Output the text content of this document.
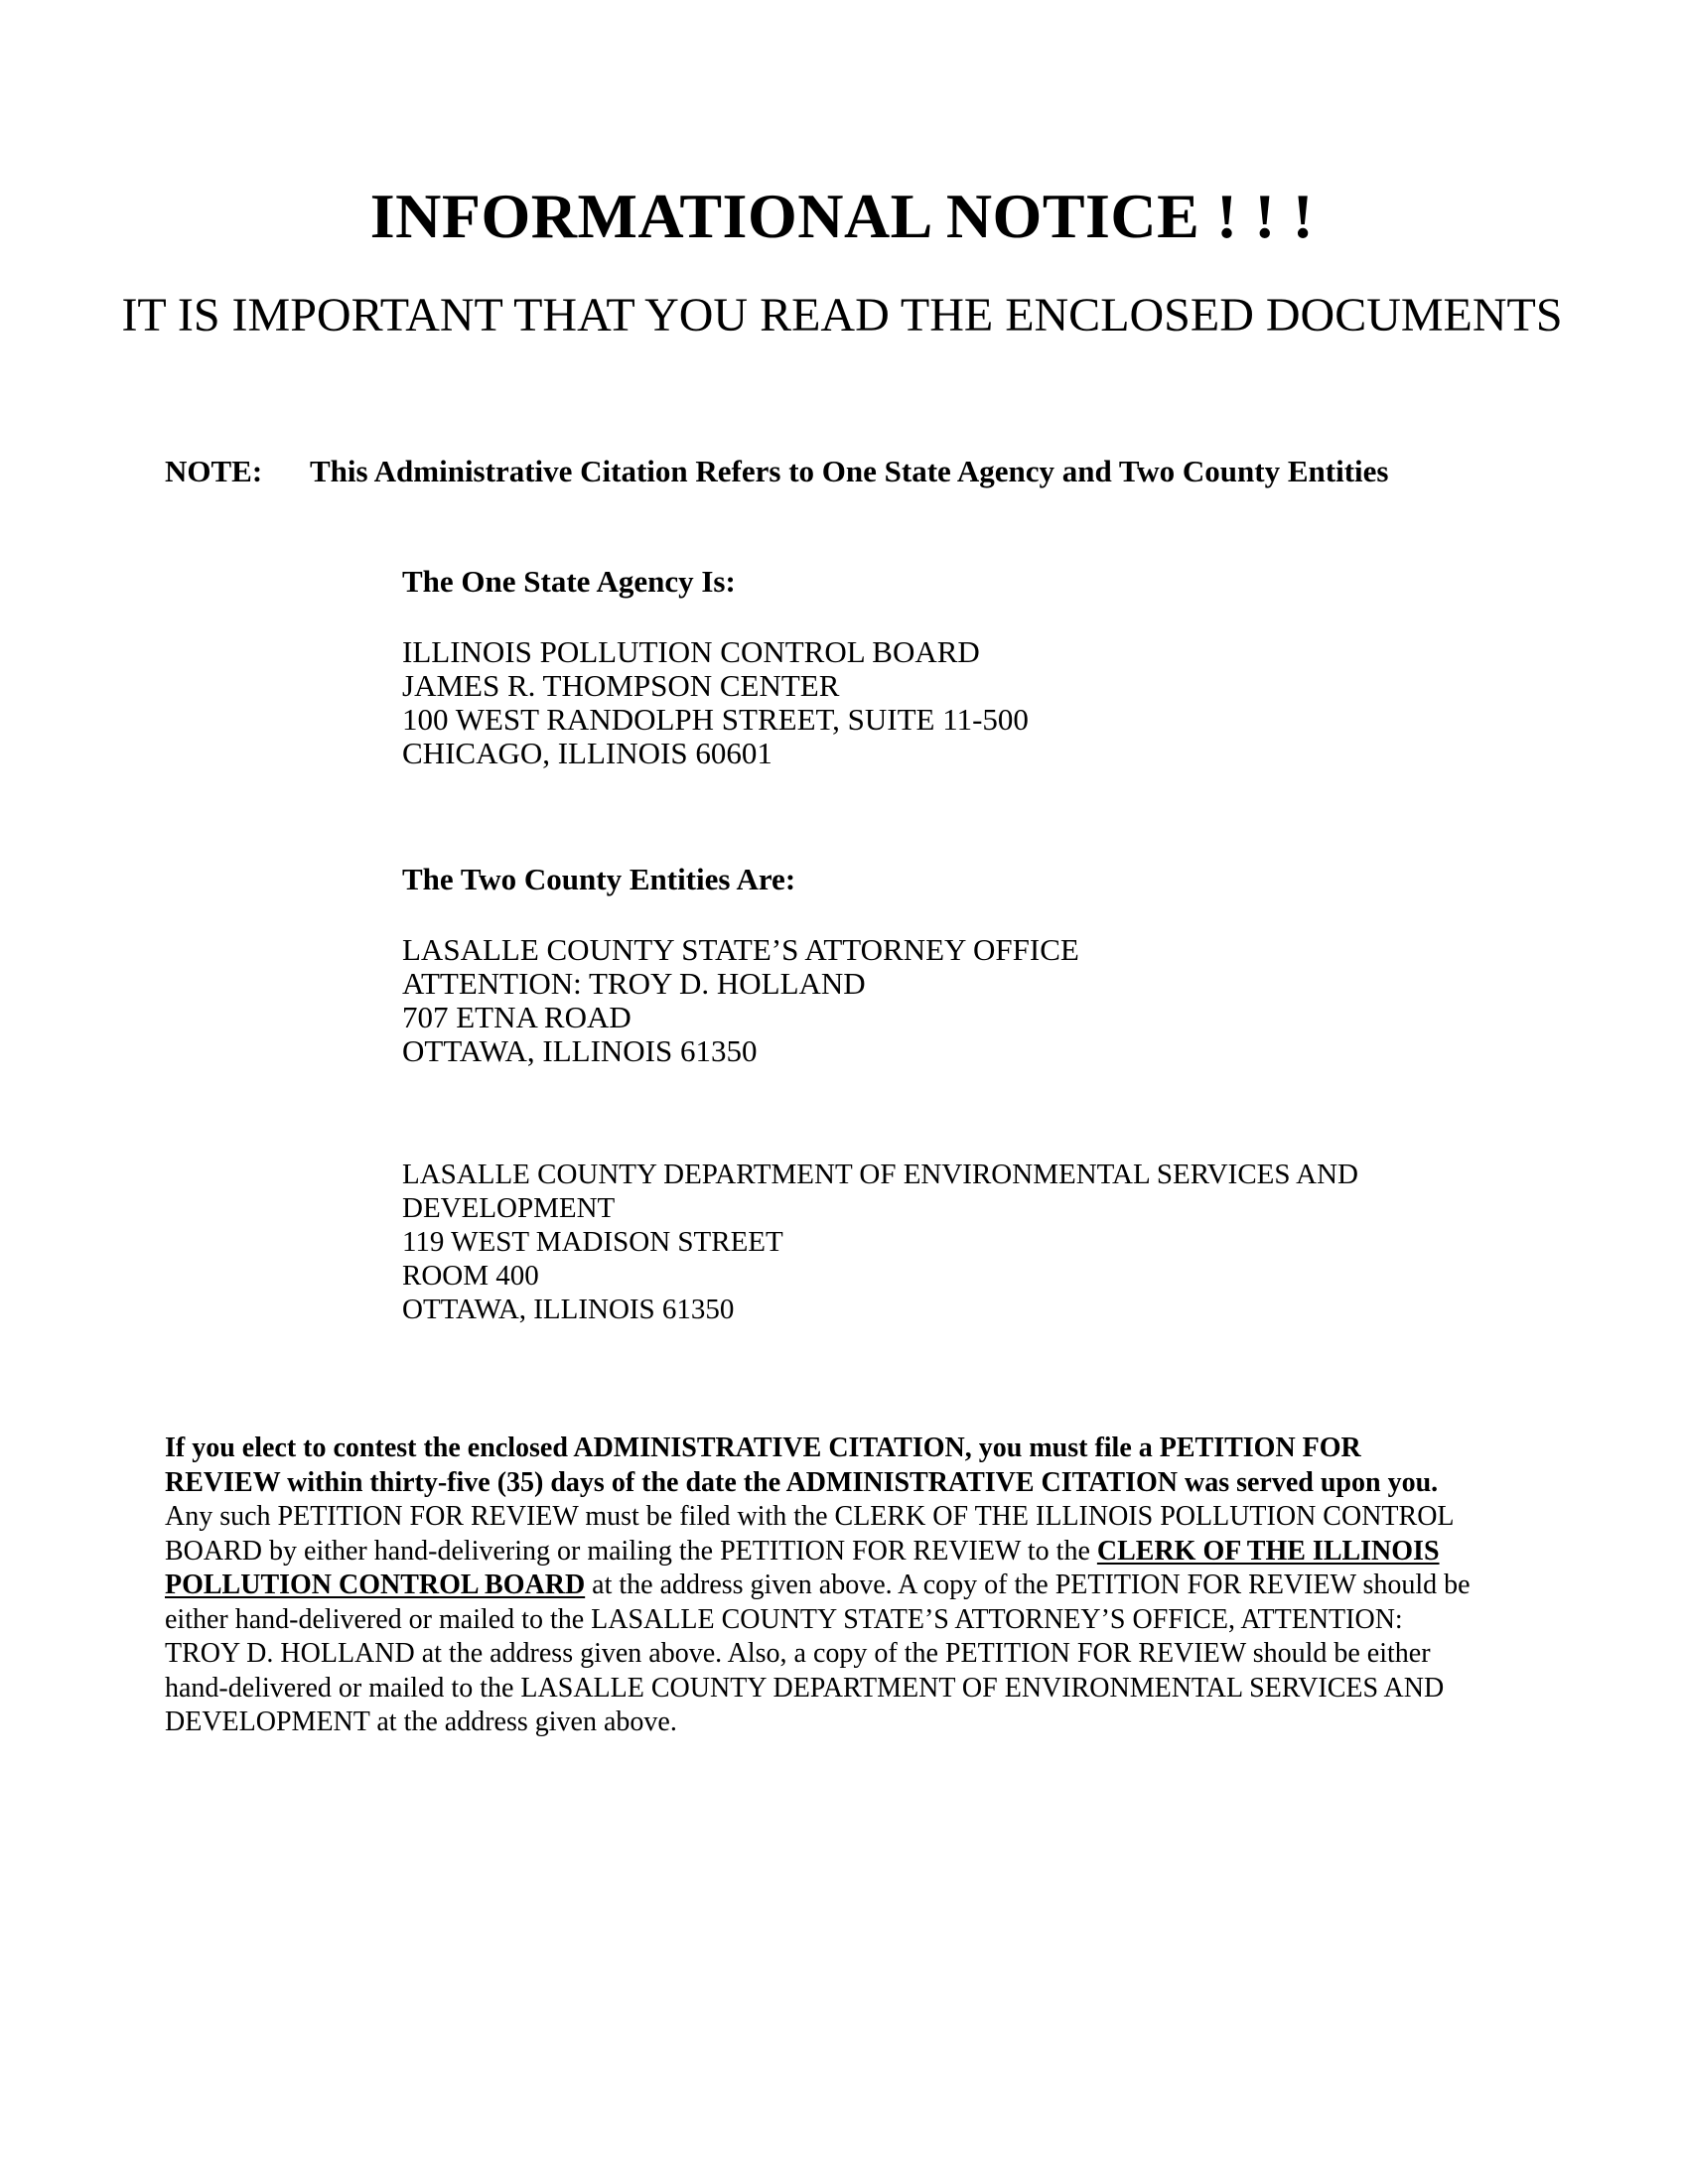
INFORMATIONAL NOTICE ! ! !
IT IS IMPORTANT THAT YOU READ THE ENCLOSED DOCUMENTS
NOTE: This Administrative Citation Refers to One State Agency and Two County Entities
The One State Agency Is:
ILLINOIS POLLUTION CONTROL BOARD
JAMES R. THOMPSON CENTER
100 WEST RANDOLPH STREET, SUITE 11-500
CHICAGO, ILLINOIS 60601
The Two County Entities Are:
LASALLE COUNTY STATE’S ATTORNEY OFFICE
ATTENTION: TROY D. HOLLAND
707 ETNA ROAD
OTTAWA, ILLINOIS 61350
LASALLE COUNTY DEPARTMENT OF ENVIRONMENTAL SERVICES AND
DEVELOPMENT
119 WEST MADISON STREET
ROOM 400
OTTAWA, ILLINOIS 61350
If you elect to contest the enclosed ADMINISTRATIVE CITATION, you must file a PETITION FOR
REVIEW within thirty-five (35) days of the date the ADMINISTRATIVE CITATION was served upon you.
Any such PETITION FOR REVIEW must be filed with the CLERK OF THE ILLINOIS POLLUTION CONTROL
BOARD by either hand-delivering or mailing the PETITION FOR REVIEW to the CLERK OF THE ILLINOIS
POLLUTION CONTROL BOARD at the address given above. A copy of the PETITION FOR REVIEW should be
either hand-delivered or mailed to the LASALLE COUNTY STATE’S ATTORNEY’S OFFICE, ATTENTION:
TROY D. HOLLAND at the address given above. Also, a copy of the PETITION FOR REVIEW should be either
hand-delivered or mailed to the LASALLE COUNTY DEPARTMENT OF ENVIRONMENTAL SERVICES AND
DEVELOPMENT at the address given above.
